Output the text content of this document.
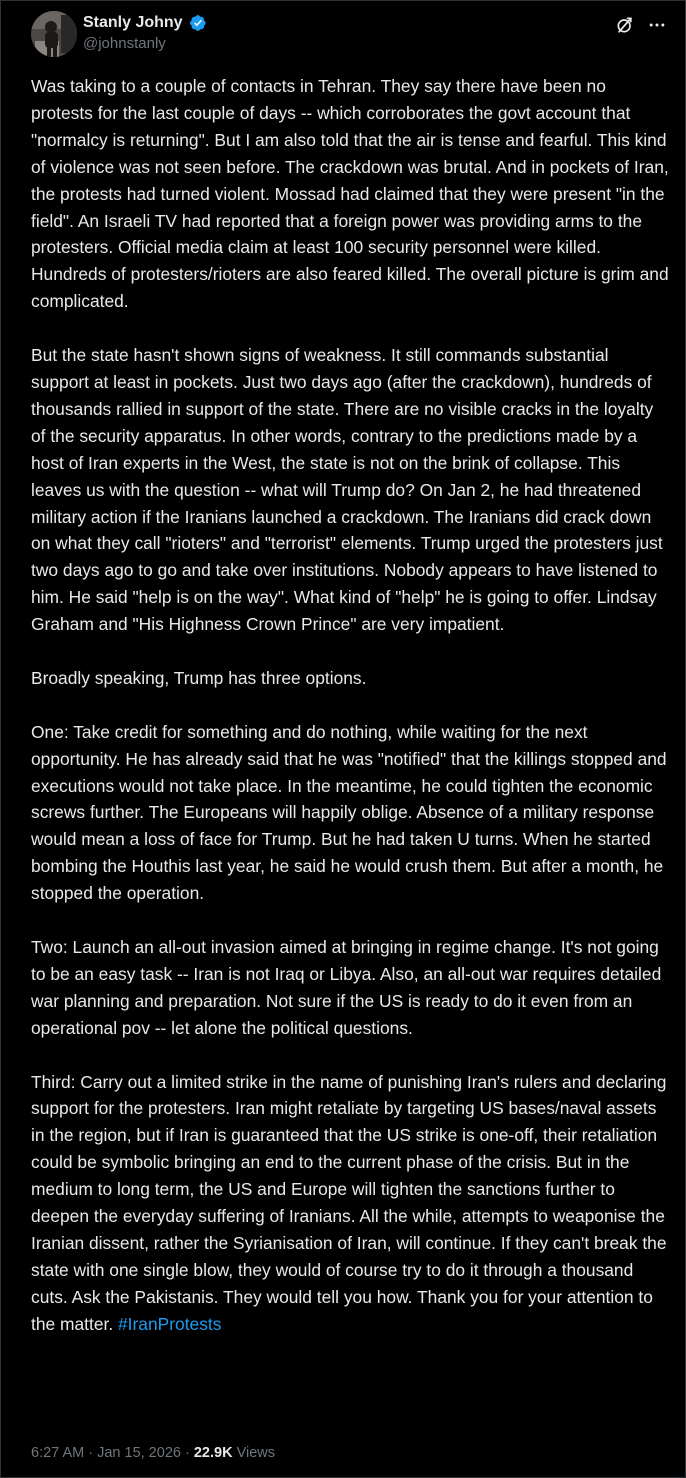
Stanly Johny
@johnstanly
Was taking to a couple of contacts in Tehran. They say there have been no protests for the last couple of days -- which corroborates the govt account that "normalcy is returning". But I am also told that the air is tense and fearful. This kind of violence was not seen before. The crackdown was brutal. And in pockets of Iran, the protests had turned violent. Mossad had claimed that they were present "in the field". An Israeli TV had reported that a foreign power was providing arms to the protesters. Official media claim at least 100 security personnel were killed. Hundreds of protesters/rioters are also feared killed. The overall picture is grim and complicated.

But the state hasn't shown signs of weakness. It still commands substantial support at least in pockets. Just two days ago (after the crackdown), hundreds of thousands rallied in support of the state. There are no visible cracks in the loyalty of the security apparatus. In other words, contrary to the predictions made by a host of Iran experts in the West, the state is not on the brink of collapse. This leaves us with the question -- what will Trump do? On Jan 2, he had threatened military action if the Iranians launched a crackdown. The Iranians did crack down on what they call "rioters" and "terrorist" elements. Trump urged the protesters just two days ago to go and take over institutions. Nobody appears to have listened to him. He said "help is on the way". What kind of "help" he is going to offer. Lindsay Graham and "His Highness Crown Prince" are very impatient.

Broadly speaking, Trump has three options.

One: Take credit for something and do nothing, while waiting for the next opportunity. He has already said that he was "notified" that the killings stopped and executions would not take place. In the meantime, he could tighten the economic screws further. The Europeans will happily oblige. Absence of a military response would mean a loss of face for Trump. But he had taken U turns. When he started bombing the Houthis last year, he said he would crush them. But after a month, he stopped the operation.

Two: Launch an all-out invasion aimed at bringing in regime change. It's not going to be an easy task -- Iran is not Iraq or Libya. Also, an all-out war requires detailed war planning and preparation. Not sure if the US is ready to do it even from an operational pov -- let alone the political questions.

Third: Carry out a limited strike in the name of punishing Iran's rulers and declaring support for the protesters. Iran might retaliate by targeting US bases/naval assets in the region, but if Iran is guaranteed that the US strike is one-off, their retaliation could be symbolic bringing an end to the current phase of the crisis. But in the medium to long term, the US and Europe will tighten the sanctions further to deepen the everyday suffering of Iranians. All the while, attempts to weaponise the Iranian dissent, rather the Syrianisation of Iran, will continue. If they can't break the state with one single blow, they would of course try to do it through a thousand cuts. Ask the Pakistanis. They would tell you how. Thank you for your attention to the matter. #IranProtests
6:27 AM · Jan 15, 2026 · 22.9K Views
